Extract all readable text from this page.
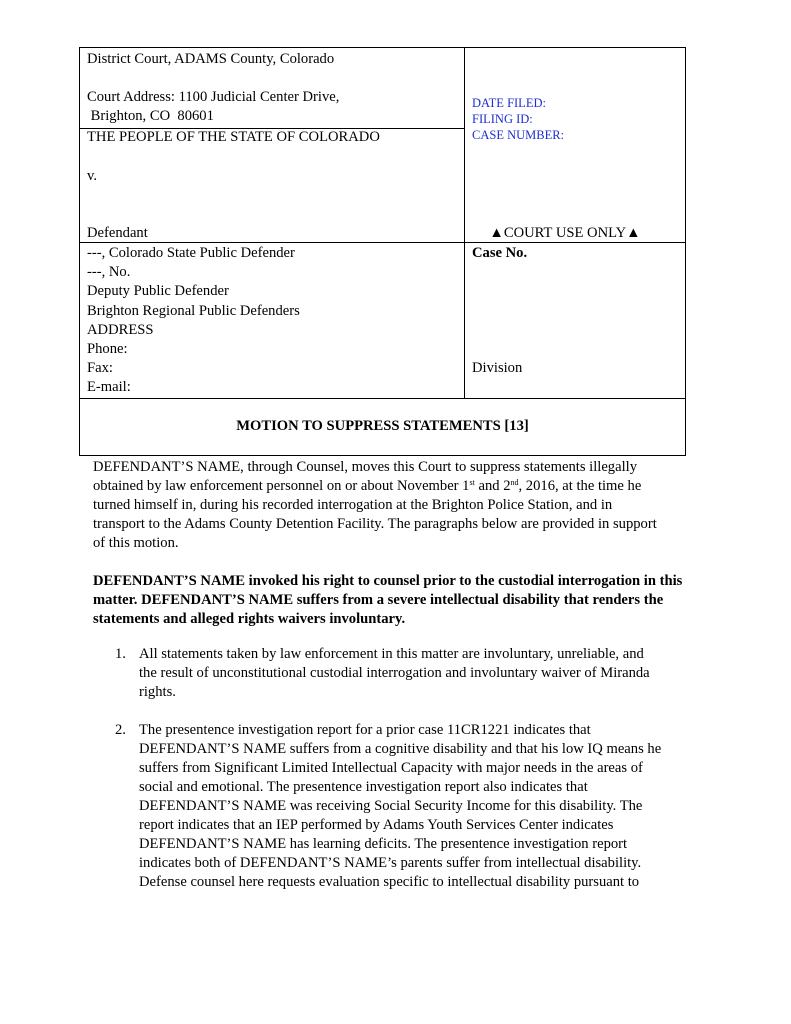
District Court, ADAMS County, Colorado
Court Address: 1100 Judicial Center Drive,
Brighton, CO  80601
THE PEOPLE OF THE STATE OF COLORADO
v.
Defendant
DATE FILED:
FILING ID:
CASE NUMBER:
▲COURT USE ONLY▲
---, Colorado State Public Defender
---, No.
Deputy Public Defender
Brighton Regional Public Defenders
ADDRESS
Phone:
Fax:
E-mail:
Case No.
Division
MOTION TO SUPPRESS STATEMENTS [13]
DEFENDANT’S NAME, through Counsel, moves this Court to suppress statements illegally
obtained by law enforcement personnel on or about November 1st and 2nd, 2016, at the time he
turned himself in, during his recorded interrogation at the Brighton Police Station, and in
transport to the Adams County Detention Facility. The paragraphs below are provided in support
of this motion.
DEFENDANT’S NAME invoked his right to counsel prior to the custodial interrogation in this
matter. DEFENDANT’S NAME suffers from a severe intellectual disability that renders the
statements and alleged rights waivers involuntary.
1. All statements taken by law enforcement in this matter are involuntary, unreliable, and
the result of unconstitutional custodial interrogation and involuntary waiver of Miranda
rights.
2. The presentence investigation report for a prior case 11CR1221 indicates that
DEFENDANT’S NAME suffers from a cognitive disability and that his low IQ means he
suffers from Significant Limited Intellectual Capacity with major needs in the areas of
social and emotional. The presentence investigation report also indicates that
DEFENDANT’S NAME was receiving Social Security Income for this disability. The
report indicates that an IEP performed by Adams Youth Services Center indicates
DEFENDANT’S NAME has learning deficits. The presentence investigation report
indicates both of DEFENDANT’S NAME’s parents suffer from intellectual disability.
Defense counsel here requests evaluation specific to intellectual disability pursuant to
